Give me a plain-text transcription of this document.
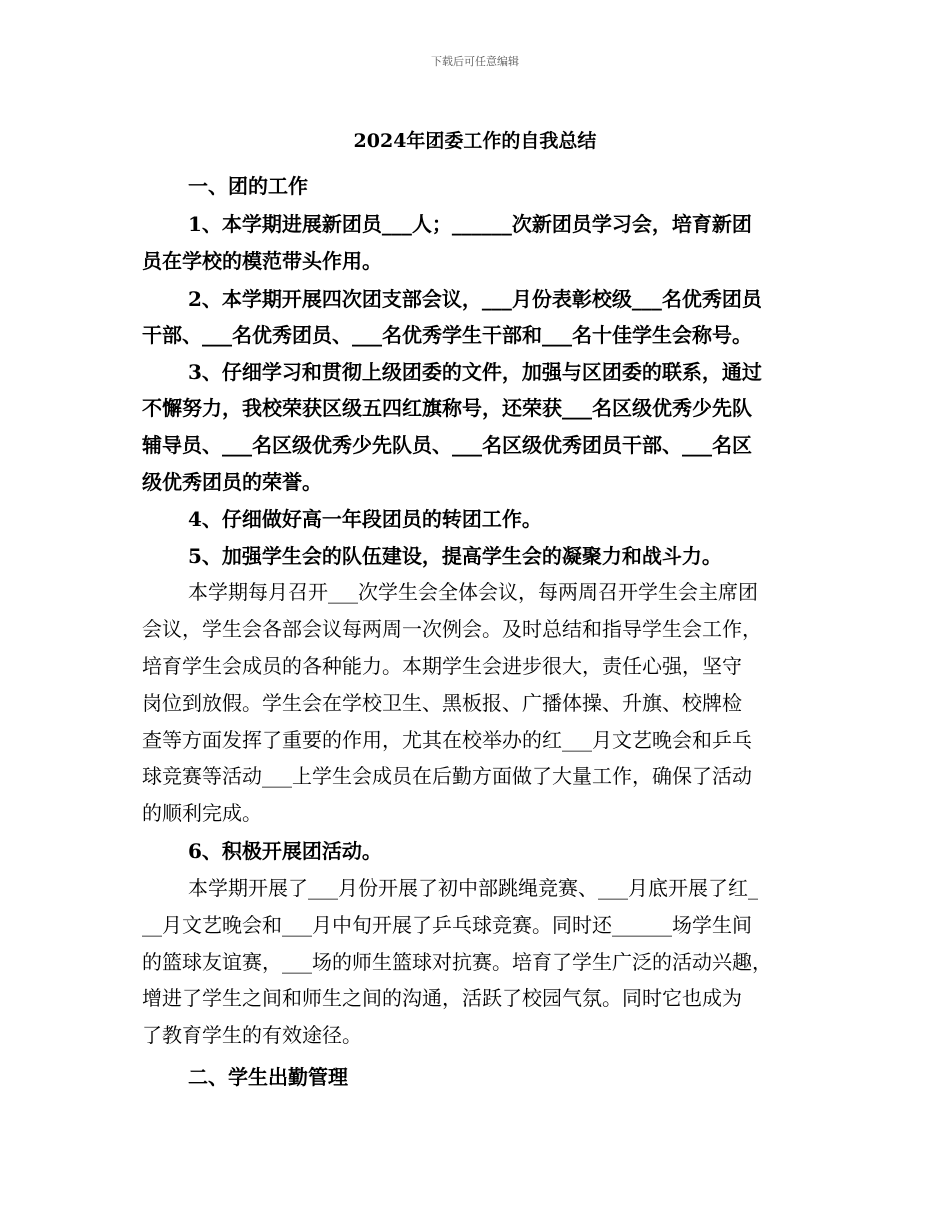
下载后可任意编辑
2024年团委工作的自我总结
一、团的工作
1、本学期进展新团员___人；______次新团员学习会，培育新团
员在学校的模范带头作用。
2、本学期开展四次团支部会议，___月份表彰校级___名优秀团员
干部、___名优秀团员、___名优秀学生干部和___名十佳学生会称号。
3、仔细学习和贯彻上级团委的文件，加强与区团委的联系，通过
不懈努力，我校荣获区级五四红旗称号，还荣获___名区级优秀少先队
辅导员、___名区级优秀少先队员、___名区级优秀团员干部、___名区
级优秀团员的荣誉。
4、仔细做好高一年段团员的转团工作。
5、加强学生会的队伍建设，提高学生会的凝聚力和战斗力。
本学期每月召开___次学生会全体会议，每两周召开学生会主席团
会议，学生会各部会议每两周一次例会。及时总结和指导学生会工作，
培育学生会成员的各种能力。本期学生会进步很大，责任心强，坚守
岗位到放假。学生会在学校卫生、黑板报、广播体操、升旗、校牌检
查等方面发挥了重要的作用，尤其在校举办的红___月文艺晚会和乒乓
球竞赛等活动___上学生会成员在后勤方面做了大量工作，确保了活动
的顺利完成。
6、积极开展团活动。
本学期开展了___月份开展了初中部跳绳竞赛、___月底开展了红_
__月文艺晚会和___月中旬开展了乒乓球竞赛。同时还______场学生间
的篮球友谊赛，___场的师生篮球对抗赛。培育了学生广泛的活动兴趣，
增进了学生之间和师生之间的沟通，活跃了校园气氛。同时它也成为
了教育学生的有效途径。
二、学生出勤管理
